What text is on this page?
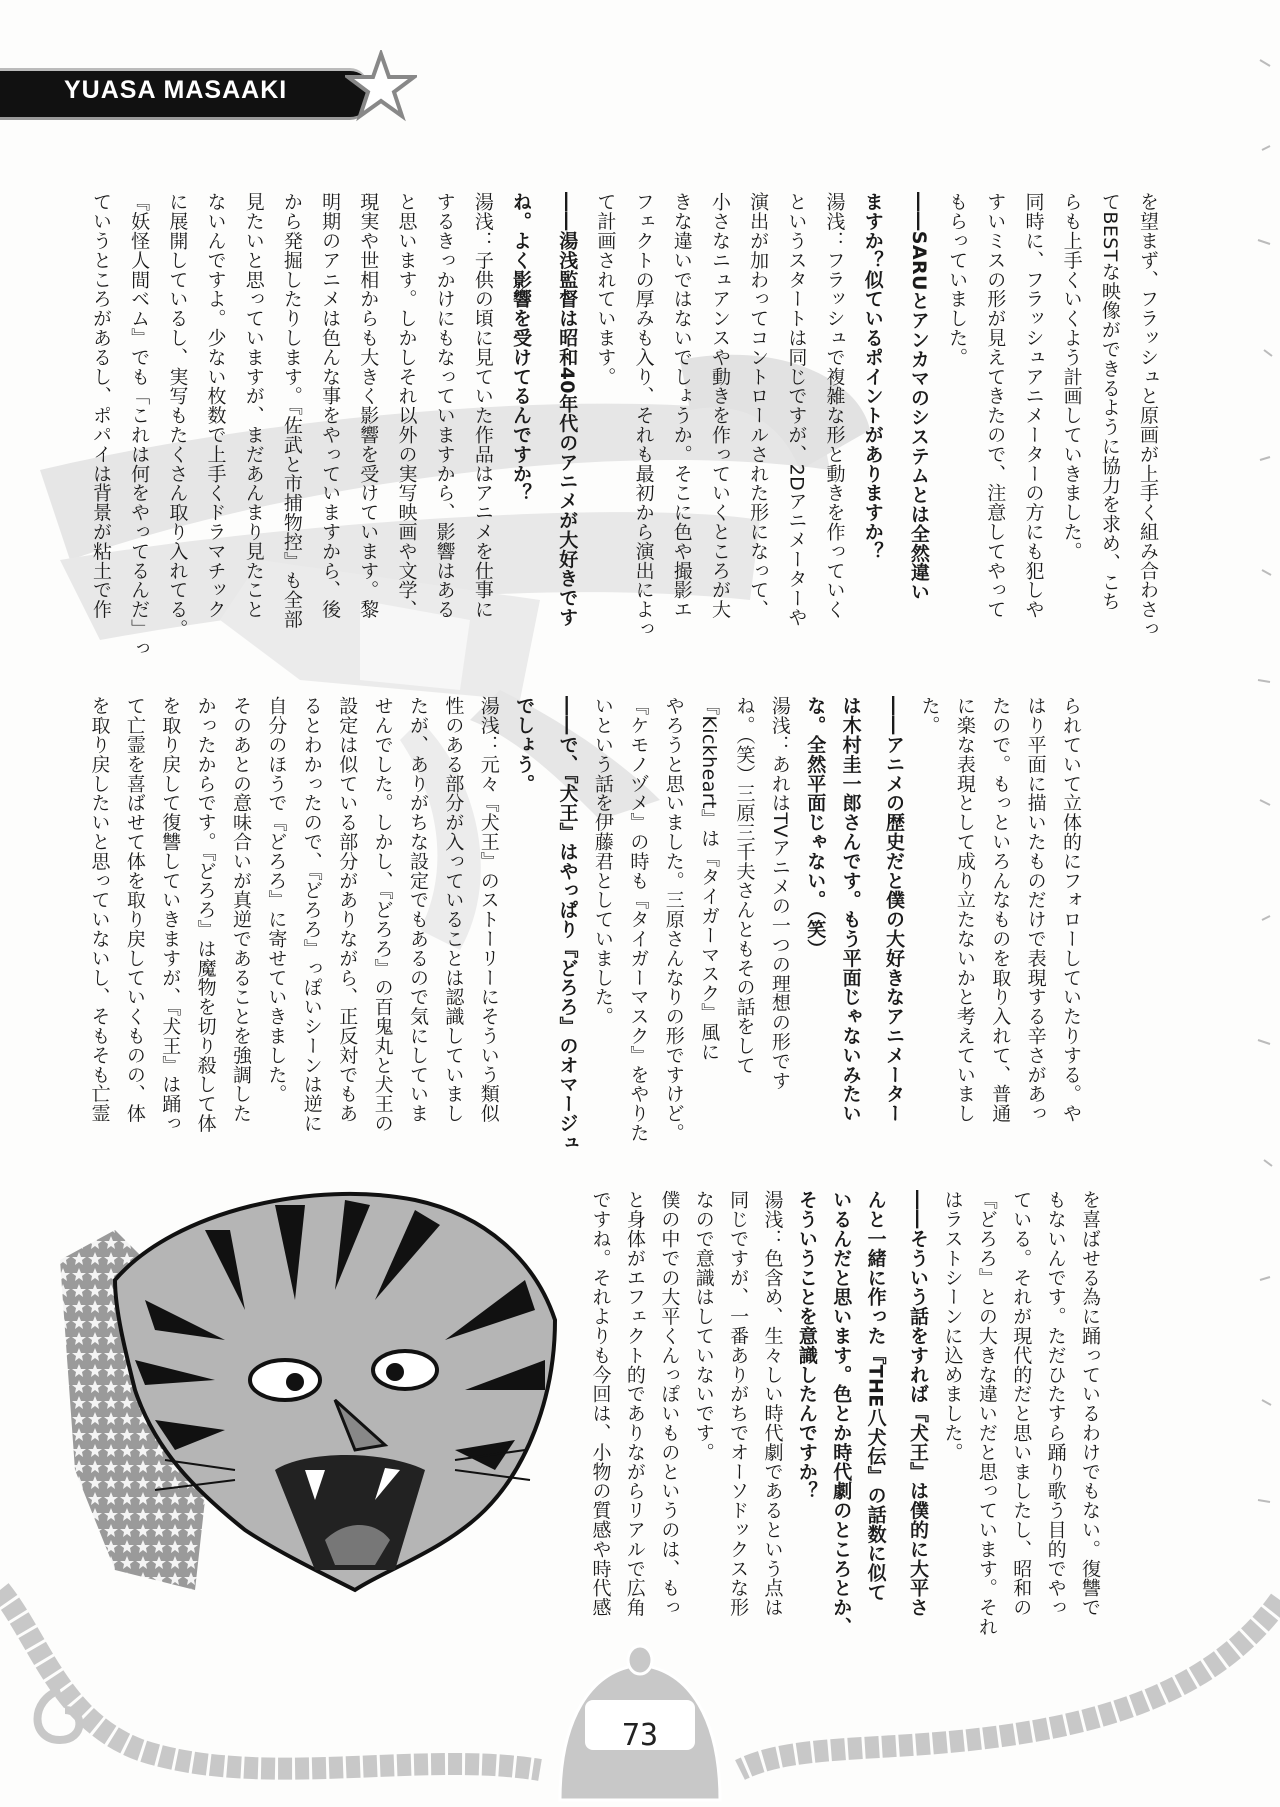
YUASA MASAAKI
を望まず、フラッシュと原画が上手く組み合わさっ
てBESTな映像ができるように協力を求め、こち
らも上手くいくよう計画していきました。
同時に、フラッシュアニメーターの方にも犯しや
すいミスの形が見えてきたので、注意してやって
もらっていました。
――SARUとアンカマのシステムとは全然違い
ますか？似ているポイントがありますか？
湯浅：フラッシュで複雑な形と動きを作っていく
というスタートは同じですが、2Dアニメーターや
演出が加わってコントロールされた形になって、
小さなニュアンスや動きを作っていくところが大
きな違いではないでしょうか。そこに色や撮影エ
フェクトの厚みも入り、それも最初から演出によっ
て計画されています。
――湯浅監督は昭和40年代のアニメが大好きです
ね。よく影響を受けてるんですか？
湯浅：子供の頃に見ていた作品はアニメを仕事に
するきっかけにもなっていますから、影響はある
と思います。しかしそれ以外の実写映画や文学、
現実や世相からも大きく影響を受けています。黎
明期のアニメは色んな事をやっていますから、後
から発掘したりします。『佐武と市捕物控』も全部
見たいと思っていますが、まだあんまり見たこと
ないんですよ。少ない枚数で上手くドラマチック
に展開しているし、実写もたくさん取り入れてる。
『妖怪人間ベム』でも「これは何をやってるんだ」っ
ていうところがあるし、ポパイは背景が粘土で作
られていて立体的にフォローしていたりする。や
はり平面に描いたものだけで表現する辛さがあっ
たので。もっといろんなものを取り入れて、普通
に楽な表現として成り立たないかと考えていまし
た。
――アニメの歴史だと僕の大好きなアニメーター
は木村圭一郎さんです。もう平面じゃないみたい
な。全然平面じゃない。（笑）
湯浅：あれはTVアニメの一つの理想の形です
ね。（笑）三原三千夫さんともその話をして
『Kickheart』は『タイガーマスク』風に
やろうと思いました。三原さんなりの形ですけど。
『ケモノヅメ』の時も『タイガーマスク』をやりた
いという話を伊藤君としていました。
――で、『犬王』はやっぱり『どろろ』のオマージュ
でしょう。
湯浅：元々『犬王』のストーリーにそういう類似
性のある部分が入っていることは認識していまし
たが、ありがちな設定でもあるので気にしていま
せんでした。しかし、『どろろ』の百鬼丸と犬王の
設定は似ている部分がありながら、正反対でもあ
るとわかったので、『どろろ』っぽいシーンは逆に
自分のほうで『どろろ』に寄せていきました。
そのあとの意味合いが真逆であることを強調した
かったからです。『どろろ』は魔物を切り殺して体
を取り戻して復讐していきますが、『犬王』は踊っ
て亡霊を喜ばせて体を取り戻していくものの、体
を取り戻したいと思っていないし、そもそも亡霊
を喜ばせる為に踊っているわけでもない。復讐で
もないんです。ただひたすら踊り歌う目的でやっ
ている。それが現代的だと思いましたし、昭和の
『どろろ』との大きな違いだと思っています。それ
はラストシーンに込めました。
――そういう話をすれば『犬王』は僕的に大平さ
んと一緒に作った『THE八犬伝』の話数に似て
いるんだと思います。色とか時代劇のところとか、
そういうことを意識したんですか？
湯浅：色含め、生々しい時代劇であるという点は
同じですが、一番ありがちでオーソドックスな形
なので意識はしていないです。
僕の中での大平くんっぽいものというのは、もっ
と身体がエフェクト的でありながらリアルで広角
ですね。それよりも今回は、小物の質感や時代感
73
